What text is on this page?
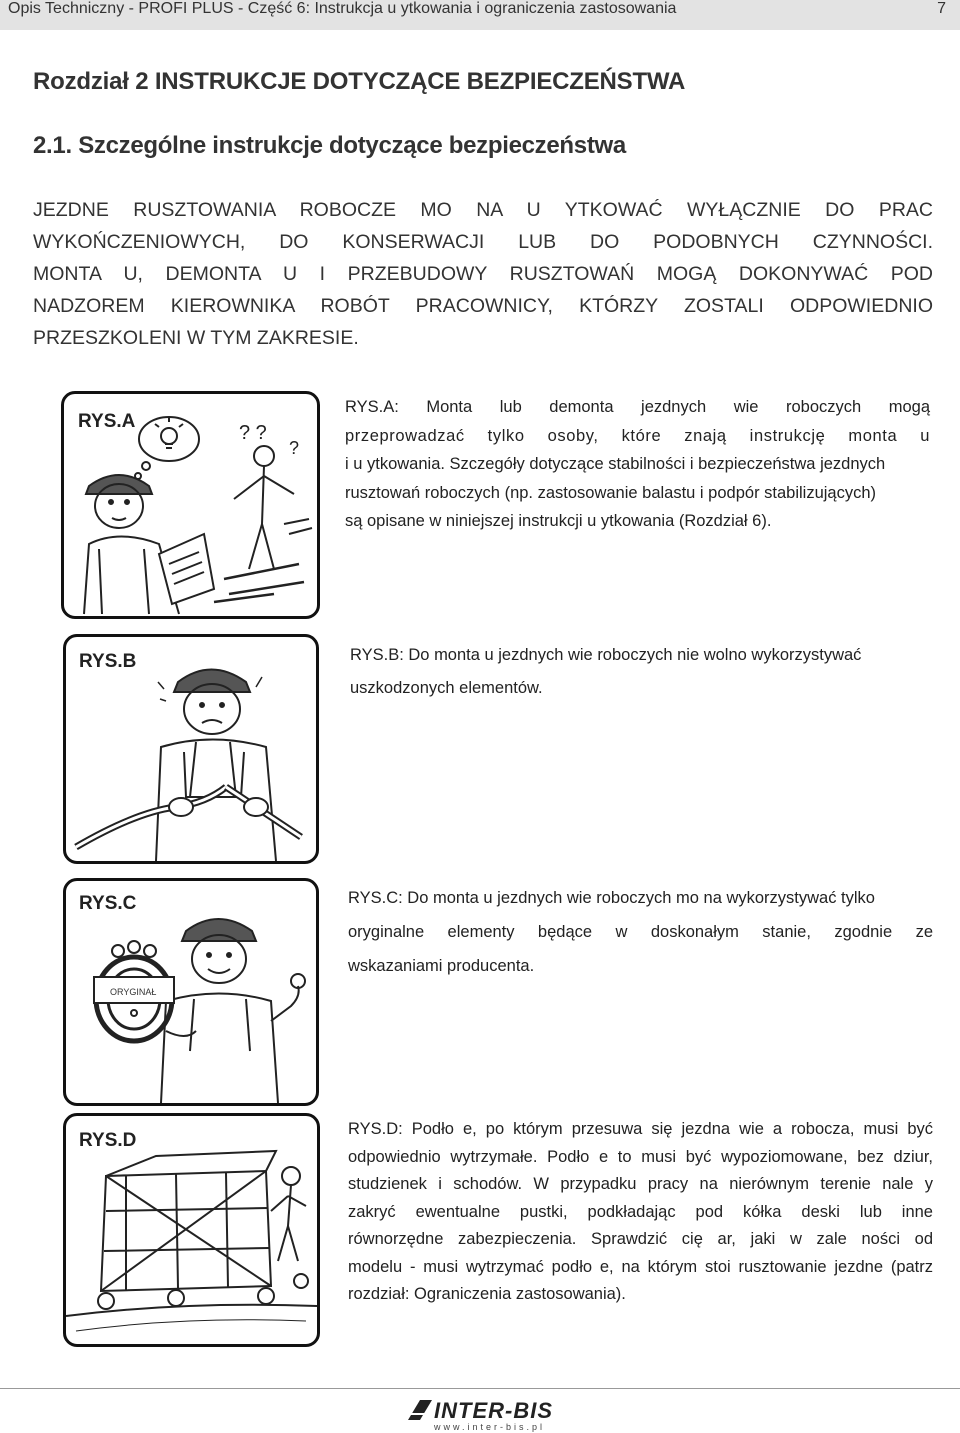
Opis Techniczny - PROFI PLUS - Część 6: Instrukcja u ytkowania i ograniczenia zastosowania	7
Rozdział 2 INSTRUKCJE DOTYCZĄCE BEZPIECZEŃSTWA
2.1. Szczególne instrukcje dotyczące bezpieczeństwa
JEZDNE RUSZTOWANIA ROBOCZE MO NA U YTKOWAĆ WYŁĄCZNIE DO PRAC
WYKOŃCZENIOWYCH, DO KONSERWACJI LUB DO PODOBNYCH CZYNNOŚCI.
MONTA U, DEMONTA U I PRZEBUDOWY RUSZTOWAŃ MOGĄ DOKONYWAĆ POD
NADZOREM KIEROWNIKA ROBÓT PRACOWNICY, KTÓRZY ZOSTALI ODPOWIEDNIO
PRZESZKOLENI W TYM ZAKRESIE.
? ?
?
RYS.A
RYS.A: Monta lub demonta jezdnych wie roboczych mogą
przeprowadzać tylko osoby, które znają instrukcję monta u
i u ytkowania. Szczegóły dotyczące stabilności i bezpieczeństwa jezdnych
rusztowań roboczych (np. zastosowanie balastu i podpór stabilizujących)
są opisane w niniejszej instrukcji u ytkowania (Rozdział 6).
RYS.B	RYS.B: Do monta u jezdnych wie roboczych nie wolno wykorzystywać
uszkodzonych elementów.
ORYGINAŁ
RYS.C	RYS.C: Do monta u jezdnych wie roboczych mo na wykorzystywać tylko
oryginalne elementy będące w doskonałym stanie, zgodnie ze
wskazaniami producenta.
RYS.D
RYS.D: Podło e, po którym przesuwa się jezdna wie a robocza, musi być
odpowiednio wytrzymałe. Podło e to musi być wypoziomowane, bez dziur,
studzienek i schodów. W przypadku pracy na nierównym terenie nale y
zakryć ewentualne pustki, podkładając pod kółka deski lub inne
równorzędne zabezpieczenia. Sprawdzić cię ar, jaki w zale ności od
modelu - musi wytrzymać podło e, na którym stoi rusztowanie jezdne (patrz
rozdział: Ograniczenia zastosowania).
INTER-BIS
www.inter-bis.pl
